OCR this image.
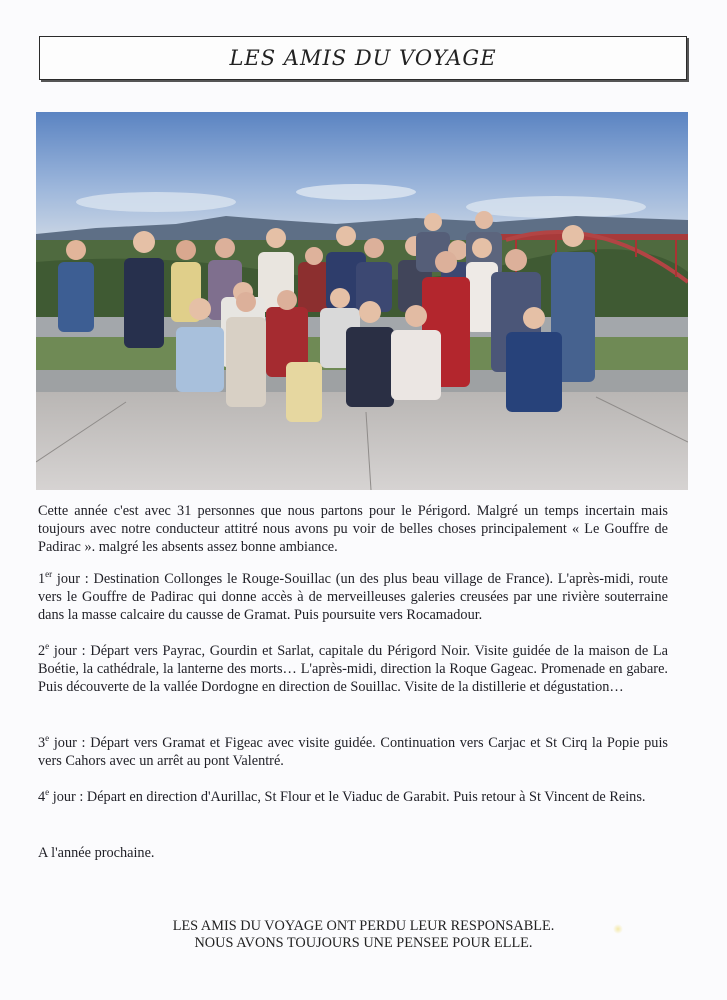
LES AMIS DU VOYAGE
Cette année c'est avec 31 personnes que nous partons pour le Périgord. Malgré un temps incertain mais toujours avec notre conducteur attitré nous avons pu voir de belles choses principalement « Le Gouffre de Padirac ». malgré les absents assez bonne ambiance.
1er jour : Destination Collonges le Rouge-Souillac (un des plus beau village de France). L'après-midi, route vers le Gouffre de Padirac qui donne accès à de merveilleuses galeries creusées par une rivière souterraine dans la masse calcaire du causse de Gramat. Puis poursuite vers Rocamadour.
2e jour : Départ vers Payrac, Gourdin et Sarlat, capitale du Périgord Noir. Visite guidée de la maison de La Boétie, la cathédrale, la lanterne des morts… L'après-midi, direction la Roque Gageac. Promenade en gabare. Puis découverte de la vallée Dordogne en direction de Souillac. Visite de la distillerie et dégustation…
3e jour : Départ vers Gramat et Figeac avec visite guidée. Continuation vers Carjac et St Cirq la Popie puis vers Cahors avec un arrêt au pont Valentré.
4e jour : Départ en direction d'Aurillac, St Flour et le Viaduc de Garabit. Puis retour à St Vincent de Reins.
A l'année prochaine.
LES AMIS DU VOYAGE ONT PERDU LEUR RESPONSABLE.
NOUS AVONS TOUJOURS UNE PENSEE POUR ELLE.
